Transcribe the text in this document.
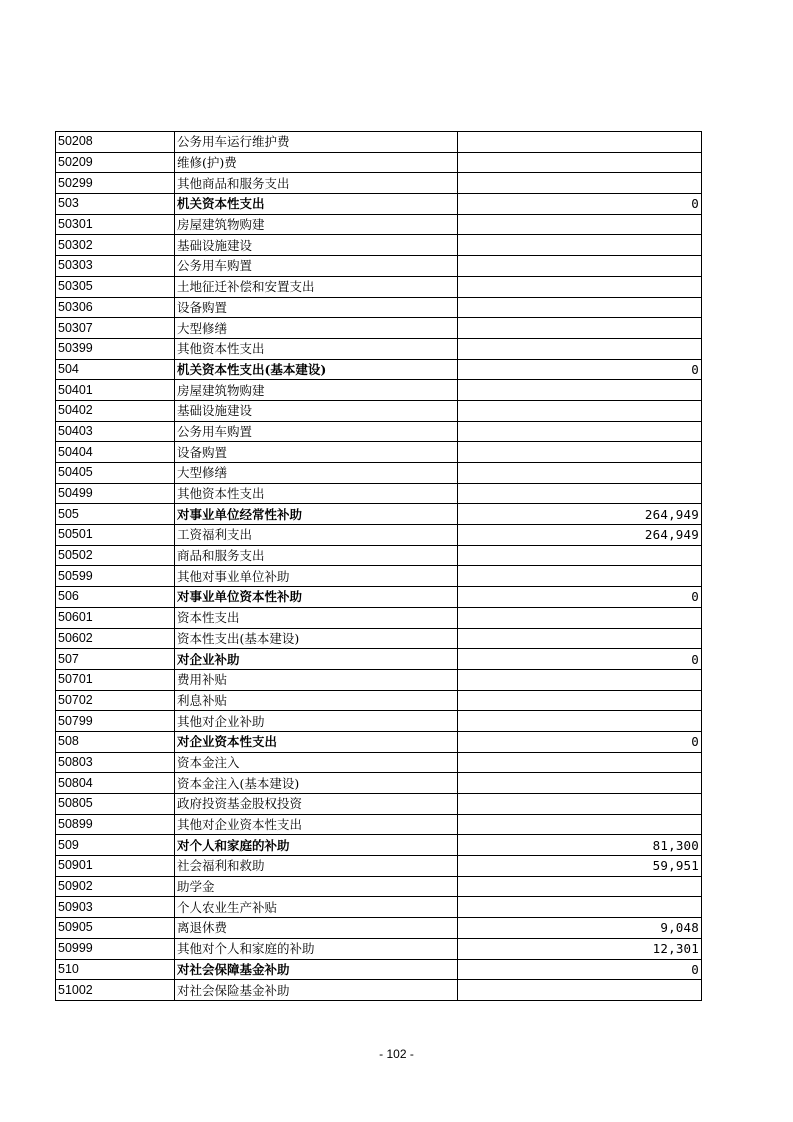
50208	公务用车运行维护费	
50209	维修(护)费	
50299	其他商品和服务支出	
503	机关资本性支出	0
50301	房屋建筑物购建	
50302	基础设施建设	
50303	公务用车购置	
50305	土地征迁补偿和安置支出	
50306	设备购置	
50307	大型修缮	
50399	其他资本性支出	
504	机关资本性支出(基本建设)	0
50401	房屋建筑物购建	
50402	基础设施建设	
50403	公务用车购置	
50404	设备购置	
50405	大型修缮	
50499	其他资本性支出	
505	对事业单位经常性补助	264,949
50501	工资福利支出	264,949
50502	商品和服务支出	
50599	其他对事业单位补助	
506	对事业单位资本性补助	0
50601	资本性支出	
50602	资本性支出(基本建设)	
507	对企业补助	0
50701	费用补贴	
50702	利息补贴	
50799	其他对企业补助	
508	对企业资本性支出	0
50803	资本金注入	
50804	资本金注入(基本建设)	
50805	政府投资基金股权投资	
50899	其他对企业资本性支出	
509	对个人和家庭的补助	81,300
50901	社会福利和救助	59,951
50902	助学金	
50903	个人农业生产补贴	
50905	离退休费	9,048
50999	其他对个人和家庭的补助	12,301
510	对社会保障基金补助	0
51002	对社会保险基金补助	
- 102 -
